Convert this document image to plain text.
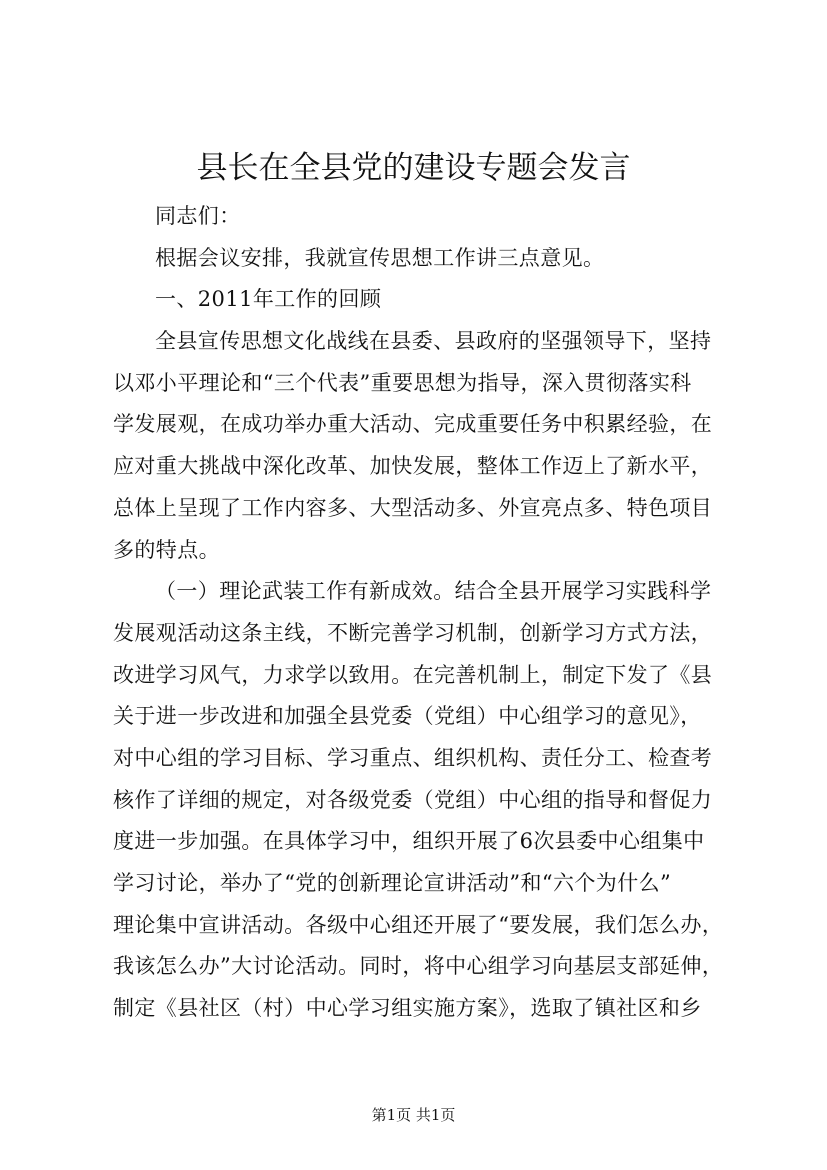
县长在全县党的建设专题会发言
同志们：
根据会议安排，我就宣传思想工作讲三点意见。
一、2011年工作的回顾
全县宣传思想文化战线在县委、县政府的坚强领导下，坚持
以邓小平理论和“三个代表”重要思想为指导，深入贯彻落实科
学发展观，在成功举办重大活动、完成重要任务中积累经验，在
应对重大挑战中深化改革、加快发展，整体工作迈上了新水平，
总体上呈现了工作内容多、大型活动多、外宣亮点多、特色项目
多的特点。
（一）理论武装工作有新成效。结合全县开展学习实践科学
发展观活动这条主线，不断完善学习机制，创新学习方式方法，
改进学习风气，力求学以致用。在完善机制上，制定下发了《县
关于进一步改进和加强全县党委（党组）中心组学习的意见》，
对中心组的学习目标、学习重点、组织机构、责任分工、检查考
核作了详细的规定，对各级党委（党组）中心组的指导和督促力
度进一步加强。在具体学习中，组织开展了6次县委中心组集中
学习讨论，举办了“党的创新理论宣讲活动”和“六个为什么”
理论集中宣讲活动。各级中心组还开展了“要发展，我们怎么办，
我该怎么办”大讨论活动。同时，将中心组学习向基层支部延伸，
制定《县社区（村）中心学习组实施方案》，选取了镇社区和乡
第1页 共1页
